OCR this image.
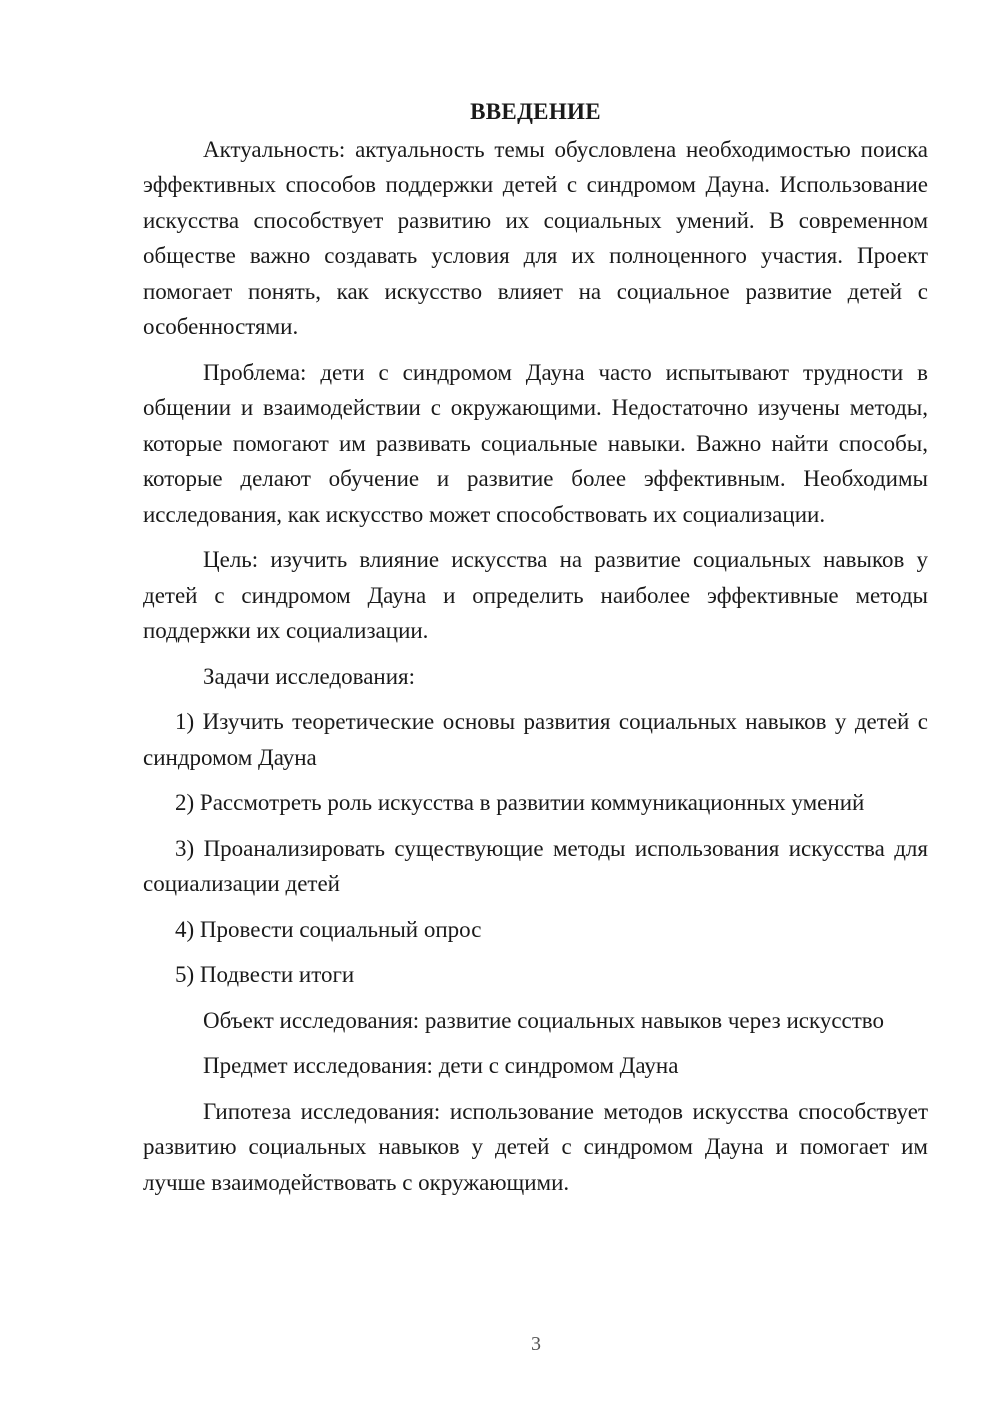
ВВЕДЕНИЕ

Актуальность: актуальность темы обусловлена необходимостью поиска эффективных способов поддержки детей с синдромом Дауна. Использование искусства способствует развитию их социальных умений. В современном обществе важно создавать условия для их полноценного участия. Проект помогает понять, как искусство влияет на социальное развитие детей с особенностями.

Проблема: дети с синдромом Дауна часто испытывают трудности в общении и взаимодействии с окружающими. Недостаточно изучены методы, которые помогают им развивать социальные навыки. Важно найти способы, которые делают обучение и развитие более эффективным. Необходимы исследования, как искусство может способствовать их социализации.

Цель: изучить влияние искусства на развитие социальных навыков у детей с синдромом Дауна и определить наиболее эффективные методы поддержки их социализации.

Задачи исследования:

1) Изучить теоретические основы развития социальных навыков у детей с синдромом Дауна

2) Рассмотреть роль искусства в развитии коммуникационных умений

3) Проанализировать существующие методы использования искусства для социализации детей

4) Провести социальный опрос

5) Подвести итоги

Объект исследования: развитие социальных навыков через искусство

Предмет исследования: дети с синдромом Дауна

Гипотеза исследования: использование методов искусства способствует развитию социальных навыков у детей с синдромом Дауна и помогает им лучше взаимодействовать с окружающими.

3
